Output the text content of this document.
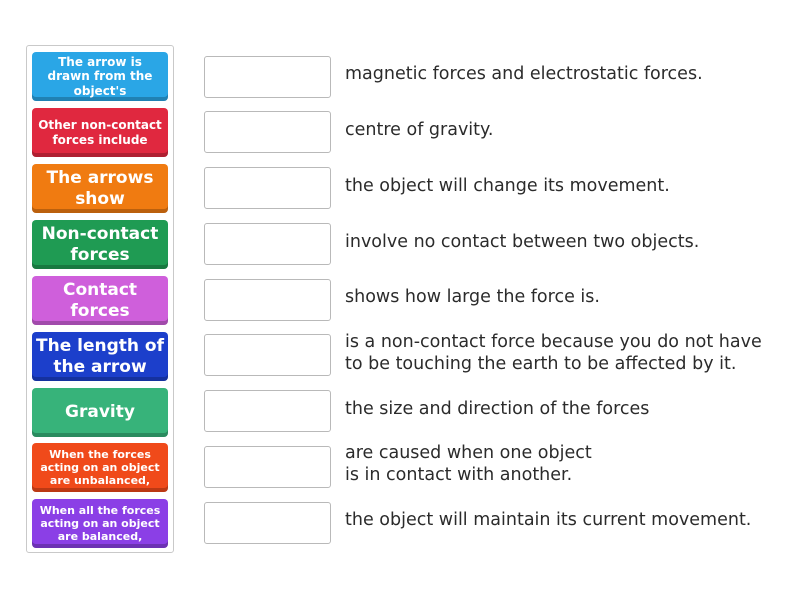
The arrow is drawn from the object's
Other non-contact forces include
The arrows show
Non-contact forces
Contact forces
The length of the arrow
Gravity
When the forces acting on an object are unbalanced,
When all the forces acting on an object are balanced,
magnetic forces and electrostatic forces.
centre of gravity.
the object will change its movement.
involve no contact between two objects.
shows how large the force is.
is a non-contact force because you do not have
to be touching the earth to be affected by it.
the size and direction of the forces
are caused when one object
is in contact with another.
the object will maintain its current movement.
